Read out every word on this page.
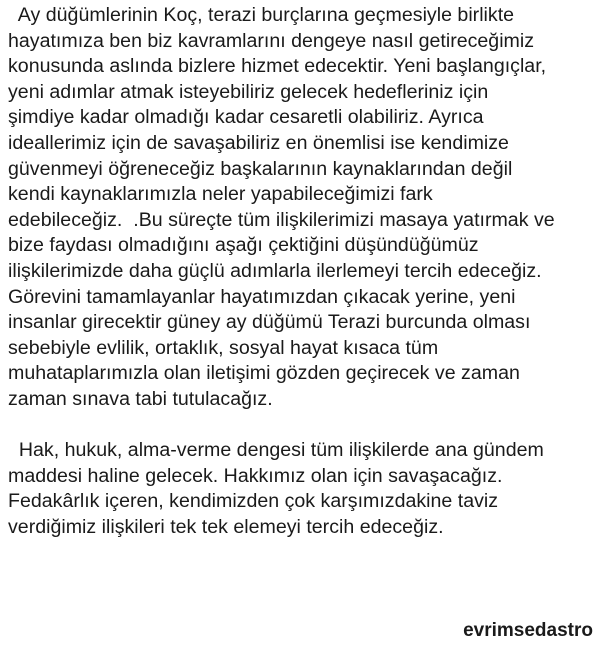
Ay düğümlerinin Koç, terazi burçlarına geçmesiyle birlikte
hayatımıza ben biz kavramlarını dengeye nasıl getireceğimiz
konusunda aslında bizlere hizmet edecektir. Yeni başlangıçlar,
yeni adımlar atmak isteyebiliriz gelecek hedefleriniz için
şimdiye kadar olmadığı kadar cesaretli olabiliriz. Ayrıca
ideallerimiz için de savaşabiliriz en önemlisi ise kendimize
güvenmeyi öğreneceğiz başkalarının kaynaklarından değil
kendi kaynaklarımızla neler yapabileceğimizi fark
edebileceğiz.  .Bu süreçte tüm ilişkilerimizi masaya yatırmak ve
bize faydası olmadığını aşağı çektiğini düşündüğümüz
ilişkilerimizde daha güçlü adımlarla ilerlemeyi tercih edeceğiz.
Görevini tamamlayanlar hayatımızdan çıkacak yerine, yeni
insanlar girecektir güney ay düğümü Terazi burcunda olması
sebebiyle evlilik, ortaklık, sosyal hayat kısaca tüm
muhataplarımızla olan iletişimi gözden geçirecek ve zaman
zaman sınava tabi tutulacağız.
Hak, hukuk, alma-verme dengesi tüm ilişkilerde ana gündem
maddesi haline gelecek. Hakkımız olan için savaşacağız.
Fedakârlık içeren, kendimizden çok karşımızdakine taviz
verdiğimiz ilişkileri tek tek elemeyi tercih edeceğiz.
evrimsedastro
